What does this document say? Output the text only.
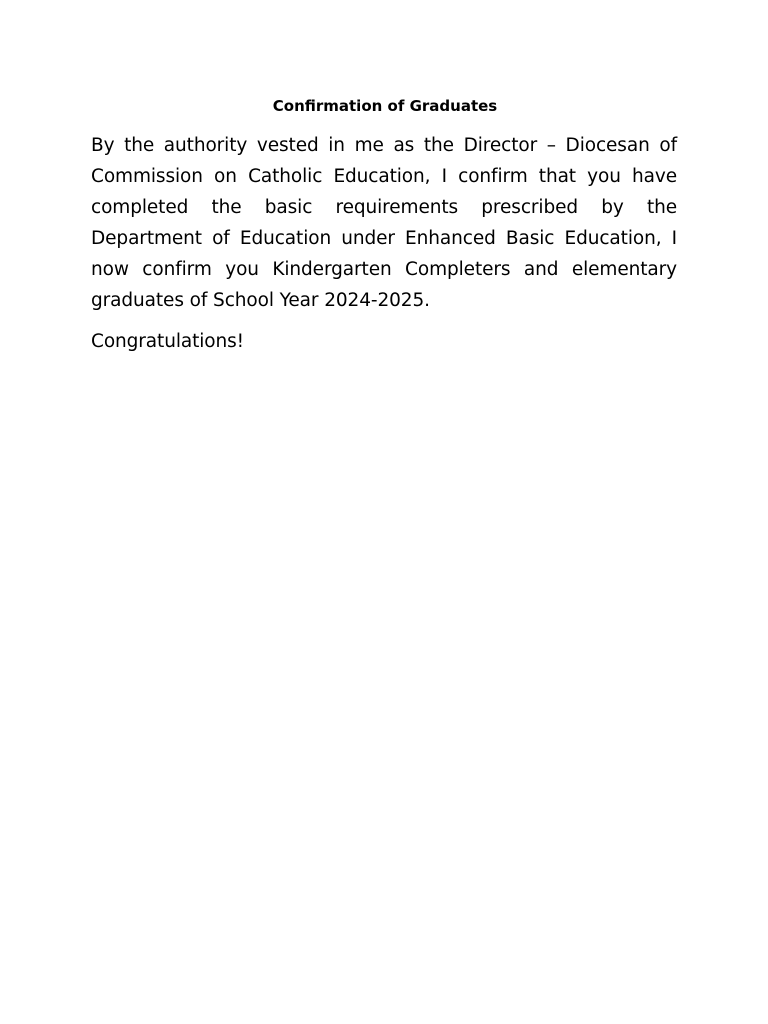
Confirmation of Graduates

By the authority vested in me as the Director – Diocesan of Commission on Catholic Education, I confirm that you have completed the basic requirements prescribed by the Department of Education under Enhanced Basic Education, I now confirm you Kindergarten Completers and elementary graduates of School Year 2024-2025.

Congratulations!
